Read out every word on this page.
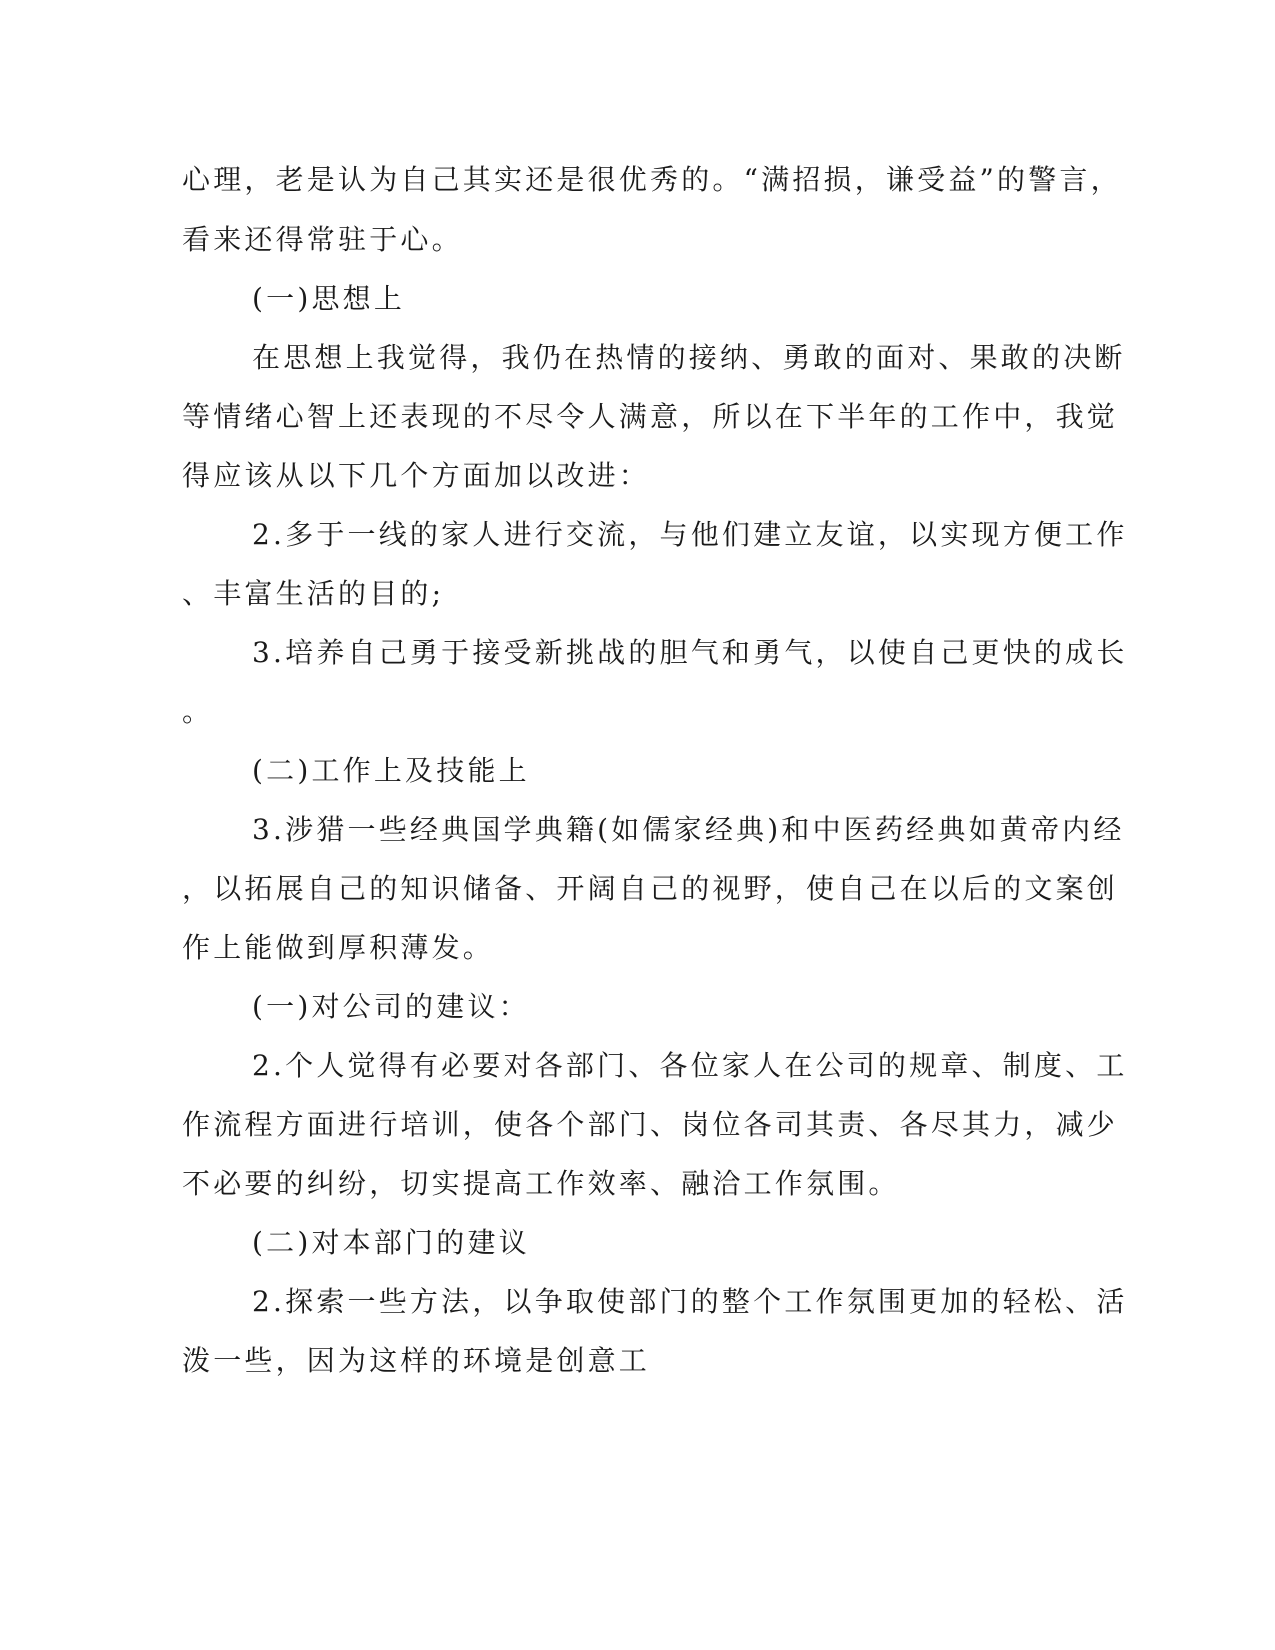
心理，老是认为自己其实还是很优秀的。“满招损，谦受益”的警言，
看来还得常驻于心。
(一)思想上
在思想上我觉得，我仍在热情的接纳、勇敢的面对、果敢的决断
等情绪心智上还表现的不尽令人满意，所以在下半年的工作中，我觉
得应该从以下几个方面加以改进：
2.多于一线的家人进行交流，与他们建立友谊，以实现方便工作
、丰富生活的目的;
3.培养自己勇于接受新挑战的胆气和勇气，以使自己更快的成长
。
(二)工作上及技能上
3.涉猎一些经典国学典籍(如儒家经典)和中医药经典如黄帝内经
，以拓展自己的知识储备、开阔自己的视野，使自己在以后的文案创
作上能做到厚积薄发。
(一)对公司的建议：
2.个人觉得有必要对各部门、各位家人在公司的规章、制度、工
作流程方面进行培训，使各个部门、岗位各司其责、各尽其力，减少
不必要的纠纷，切实提高工作效率、融洽工作氛围。
(二)对本部门的建议
2.探索一些方法，以争取使部门的整个工作氛围更加的轻松、活
泼一些，因为这样的环境是创意工
